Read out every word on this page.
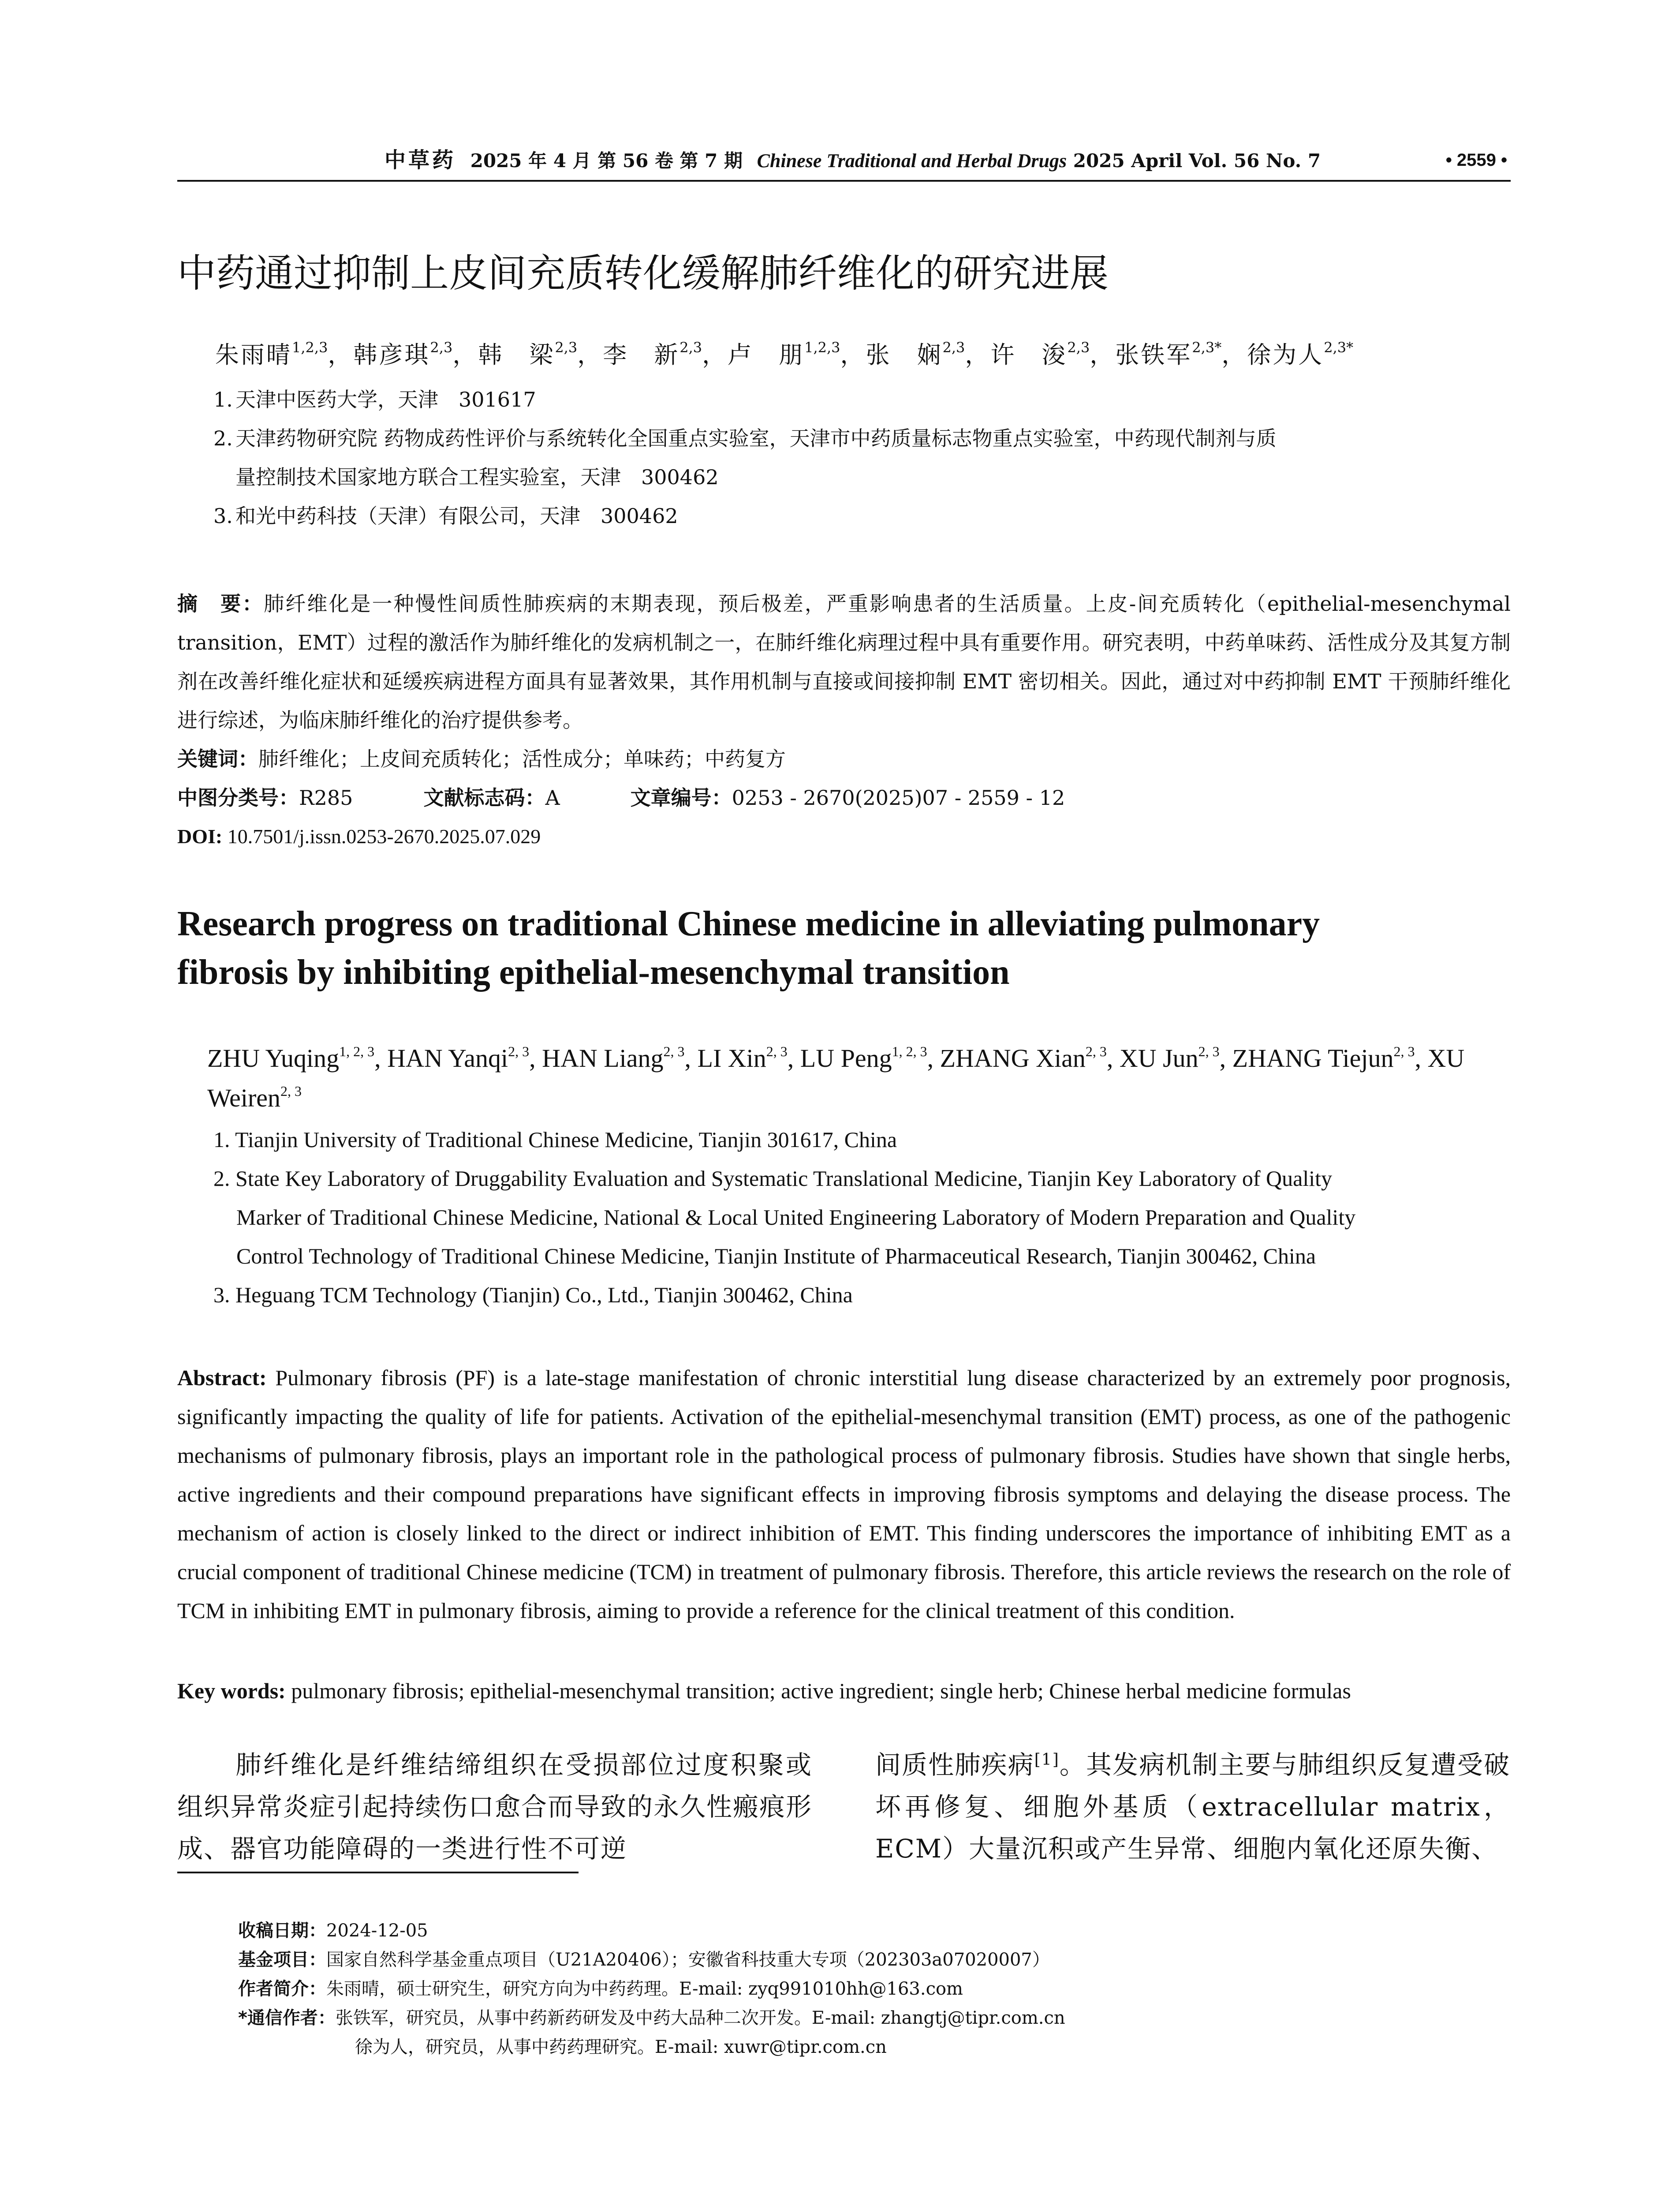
中草药 2025 年 4 月 第 56 卷 第 7 期 Chinese Traditional and Herbal Drugs 2025 April Vol. 56 No. 7	• 2559 •
中药通过抑制上皮间充质转化缓解肺纤维化的研究进展
朱雨晴$^{1,2,3}$，韩彦琪$^{2,3}$，韩　梁$^{2,3}$，李　新$^{2,3}$，卢　朋$^{1,2,3}$，张　娴$^{2,3}$，许　浚$^{2,3}$，张铁军$^{2,3*}$，徐为人$^{2,3*}$
1. 天津中医药大学，天津　301617
2. 天津药物研究院 药物成药性评价与系统转化全国重点实验室，天津市中药质量标志物重点实验室，中药现代制剂与质
量控制技术国家地方联合工程实验室，天津　300462
3. 和光中药科技（天津）有限公司，天津　300462
摘　要：肺纤维化是一种慢性间质性肺疾病的末期表现，预后极差，严重影响患者的生活质量。上皮-间充质转化（epithelial-mesenchymal transition，EMT）过程的激活作为肺纤维化的发病机制之一，在肺纤维化病理过程中具有重要作用。研究表明，中药单味药、活性成分及其复方制剂在改善纤维化症状和延缓疾病进程方面具有显著效果，其作用机制与直接或间接抑制 EMT 密切相关。因此，通过对中药抑制 EMT 干预肺纤维化进行综述，为临床肺纤维化的治疗提供参考。
关键词：肺纤维化；上皮间充质转化；活性成分；单味药；中药复方
中图分类号：R285	文献标志码：A	文章编号：0253 - 2670(2025)07 - 2559 - 12
DOI: 10.7501/j.issn.0253-2670.2025.07.029
Research progress on traditional Chinese medicine in alleviating pulmonary
fibrosis by inhibiting epithelial-mesenchymal transition
ZHU Yuqing$^{1, 2, 3}$, HAN Yanqi$^{2, 3}$, HAN Liang$^{2, 3}$, LI Xin$^{2, 3}$, LU Peng$^{1, 2, 3}$, ZHANG Xian$^{2, 3}$, XU Jun$^{2, 3}$, ZHANG Tiejun$^{2, 3}$, XU Weiren$^{2, 3}$
1. Tianjin University of Traditional Chinese Medicine, Tianjin 301617, China
2. State Key Laboratory of Druggability Evaluation and Systematic Translational Medicine, Tianjin Key Laboratory of Quality
Marker of Traditional Chinese Medicine, National & Local United Engineering Laboratory of Modern Preparation and Quality
Control Technology of Traditional Chinese Medicine, Tianjin Institute of Pharmaceutical Research, Tianjin 300462, China
3. Heguang TCM Technology (Tianjin) Co., Ltd., Tianjin 300462, China
Abstract: Pulmonary fibrosis (PF) is a late-stage manifestation of chronic interstitial lung disease characterized by an extremely poor prognosis, significantly impacting the quality of life for patients. Activation of the epithelial-mesenchymal transition (EMT) process, as one of the pathogenic mechanisms of pulmonary fibrosis, plays an important role in the pathological process of pulmonary fibrosis. Studies have shown that single herbs, active ingredients and their compound preparations have significant effects in improving fibrosis symptoms and delaying the disease process. The mechanism of action is closely linked to the direct or indirect inhibition of EMT. This finding underscores the importance of inhibiting EMT as a crucial component of traditional Chinese medicine (TCM) in treatment of pulmonary fibrosis. Therefore, this article reviews the research on the role of TCM in inhibiting EMT in pulmonary fibrosis, aiming to provide a reference for the clinical treatment of this condition.
Key words: pulmonary fibrosis; epithelial-mesenchymal transition; active ingredient; single herb; Chinese herbal medicine formulas
肺纤维化是纤维结缔组织在受损部位过度积聚或组织异常炎症引起持续伤口愈合而导致的永久性瘢痕形成、器官功能障碍的一类进行性不可逆
间质性肺疾病[1]。其发病机制主要与肺组织反复遭受破坏再修复、细胞外基质（extracellular matrix，ECM）大量沉积或产生异常、细胞内氧化还原失衡、
收稿日期：2024-12-05
基金项目：国家自然科学基金重点项目（U21A20406）；安徽省科技重大专项（202303a07020007）
作者简介：朱雨晴，硕士研究生，研究方向为中药药理。E-mail: zyq991010hh@163.com
*通信作者：张铁军，研究员，从事中药新药研发及中药大品种二次开发。E-mail: zhangtj@tipr.com.cn
徐为人，研究员，从事中药药理研究。E-mail: xuwr@tipr.com.cn
